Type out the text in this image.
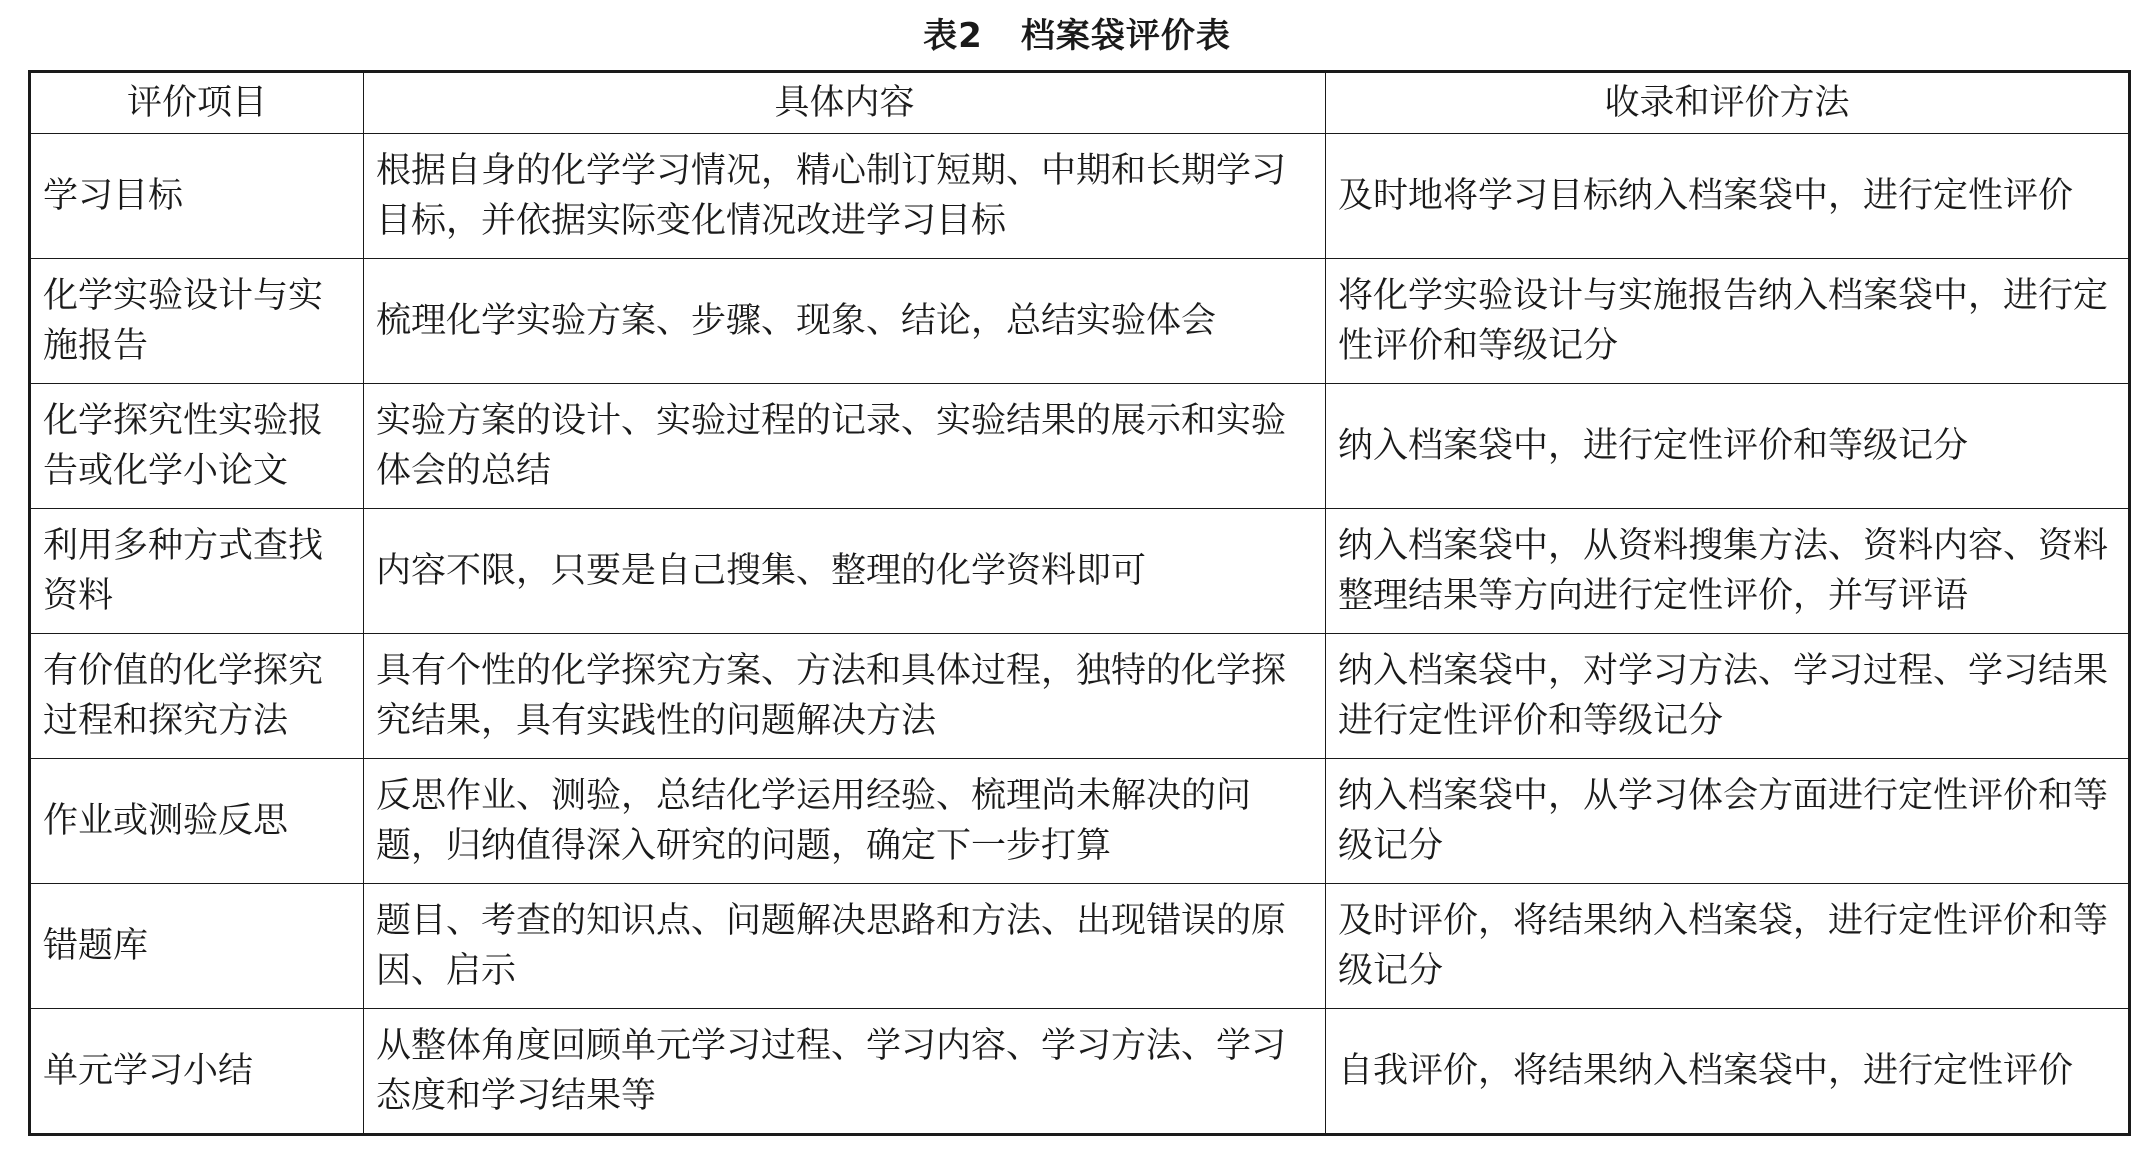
表2 档案袋评价表
评价项目	具体内容	收录和评价方法
学习目标	根据自身的化学学习情况，精心制订短期、中期和长期学习目标，并依据实际变化情况改进学习目标	及时地将学习目标纳入档案袋中，进行定性评价
化学实验设计与实施报告	梳理化学实验方案、步骤、现象、结论，总结实验体会	将化学实验设计与实施报告纳入档案袋中，进行定性评价和等级记分
化学探究性实验报告或化学小论文	实验方案的设计、实验过程的记录、实验结果的展示和实验体会的总结	纳入档案袋中，进行定性评价和等级记分
利用多种方式查找资料	内容不限，只要是自己搜集、整理的化学资料即可	纳入档案袋中，从资料搜集方法、资料内容、资料整理结果等方向进行定性评价，并写评语
有价值的化学探究过程和探究方法	具有个性的化学探究方案、方法和具体过程，独特的化学探究结果，具有实践性的问题解决方法	纳入档案袋中，对学习方法、学习过程、学习结果进行定性评价和等级记分
作业或测验反思	反思作业、测验，总结化学运用经验、梳理尚未解决的问题，归纳值得深入研究的问题，确定下一步打算	纳入档案袋中，从学习体会方面进行定性评价和等级记分
错题库	题目、考查的知识点、问题解决思路和方法、出现错误的原因、启示	及时评价，将结果纳入档案袋，进行定性评价和等级记分
单元学习小结	从整体角度回顾单元学习过程、学习内容、学习方法、学习态度和学习结果等	自我评价，将结果纳入档案袋中，进行定性评价
